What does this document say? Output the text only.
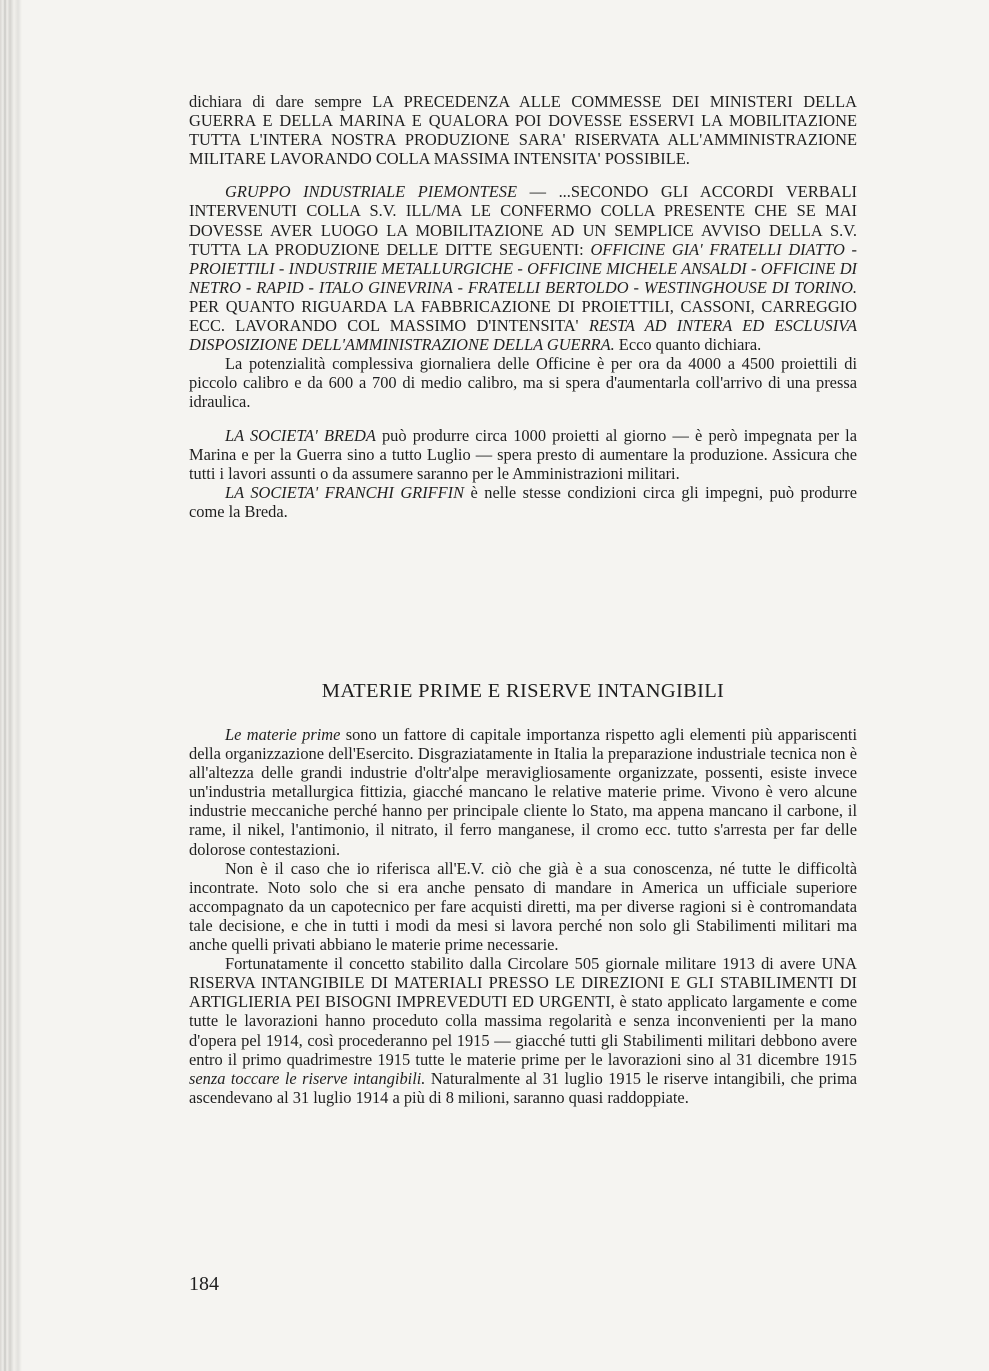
dichiara di dare sempre LA PRECEDENZA ALLE COMMESSE DEI MINISTERI DELLA GUERRA E DELLA MARINA E QUALORA POI DOVESSE ESSERVI LA MOBILITAZIONE TUTTA L'INTERA NOSTRA PRODUZIONE SARA' RISERVATA ALL'AMMINISTRAZIONE MILITARE LAVORANDO COLLA MASSIMA INTENSITA' POSSIBILE.

GRUPPO INDUSTRIALE PIEMONTESE — ...SECONDO GLI ACCORDI VERBALI INTERVENUTI COLLA S.V. ILL/MA LE CONFERMO COLLA PRESENTE CHE SE MAI DOVESSE AVER LUOGO LA MOBILITAZIONE AD UN SEMPLICE AVVISO DELLA S.V. TUTTA LA PRODUZIONE DELLE DITTE SEGUENTI: OFFICINE GIA' FRATELLI DIATTO - PROIETTILI - INDUSTRIIE METALLURGICHE - OFFICINE MICHELE ANSALDI - OFFICINE DI NETRO - RAPID - ITALO GINEVRINA - FRATELLI BERTOLDO - WESTINGHOUSE DI TORINO. PER QUANTO RIGUARDA LA FABBRICAZIONE DI PROIETTILI, CASSONI, CARREGGIO ECC. LAVORANDO COL MASSIMO D'INTENSITA' RESTA AD INTERA ED ESCLUSIVA DISPOSIZIONE DELL'AMMINISTRAZIONE DELLA GUERRA. Ecco quanto dichiara.

La potenzialità complessiva giornaliera delle Officine è per ora da 4000 a 4500 proiettili di piccolo calibro e da 600 a 700 di medio calibro, ma si spera d'aumentarla coll'arrivo di una pressa idraulica.

LA SOCIETA' BREDA può produrre circa 1000 proietti al giorno — è però impegnata per la Marina e per la Guerra sino a tutto Luglio — spera presto di aumentare la produzione. Assicura che tutti i lavori assunti o da assumere saranno per le Amministrazioni militari.

LA SOCIETA' FRANCHI GRIFFIN è nelle stesse condizioni circa gli impegni, può produrre come la Breda.

MATERIE PRIME E RISERVE INTANGIBILI

Le materie prime sono un fattore di capitale importanza rispetto agli elementi più appariscenti della organizzazione dell'Esercito. Disgraziatamente in Italia la preparazione industriale tecnica non è all'altezza delle grandi industrie d'oltr'alpe meravigliosamente organizzate, possenti, esiste invece un'industria metallurgica fittizia, giacché mancano le relative materie prime. Vivono è vero alcune industrie meccaniche perché hanno per principale cliente lo Stato, ma appena mancano il carbone, il rame, il nikel, l'antimonio, il nitrato, il ferro manganese, il cromo ecc. tutto s'arresta per far delle dolorose contestazioni.

Non è il caso che io riferisca all'E.V. ciò che già è a sua conoscenza, né tutte le difficoltà incontrate. Noto solo che si era anche pensato di mandare in America un ufficiale superiore accompagnato da un capotecnico per fare acquisti diretti, ma per diverse ragioni si è contromandata tale decisione, e che in tutti i modi da mesi si lavora perché non solo gli Stabilimenti militari ma anche quelli privati abbiano le materie prime necessarie.

Fortunatamente il concetto stabilito dalla Circolare 505 giornale militare 1913 di avere UNA RISERVA INTANGIBILE DI MATERIALI PRESSO LE DIREZIONI E GLI STABILIMENTI DI ARTIGLIERIA PEI BISOGNI IMPREVEDUTI ED URGENTI, è stato applicato largamente e come tutte le lavorazioni hanno proceduto colla massima regolarità e senza inconvenienti per la mano d'opera pel 1914, così procederanno pel 1915 — giacché tutti gli Stabilimenti militari debbono avere entro il primo quadrimestre 1915 tutte le materie prime per le lavorazioni sino al 31 dicembre 1915 senza toccare le riserve intangibili. Naturalmente al 31 luglio 1915 le riserve intangibili, che prima ascendevano al 31 luglio 1914 a più di 8 milioni, saranno quasi raddoppiate.

184
